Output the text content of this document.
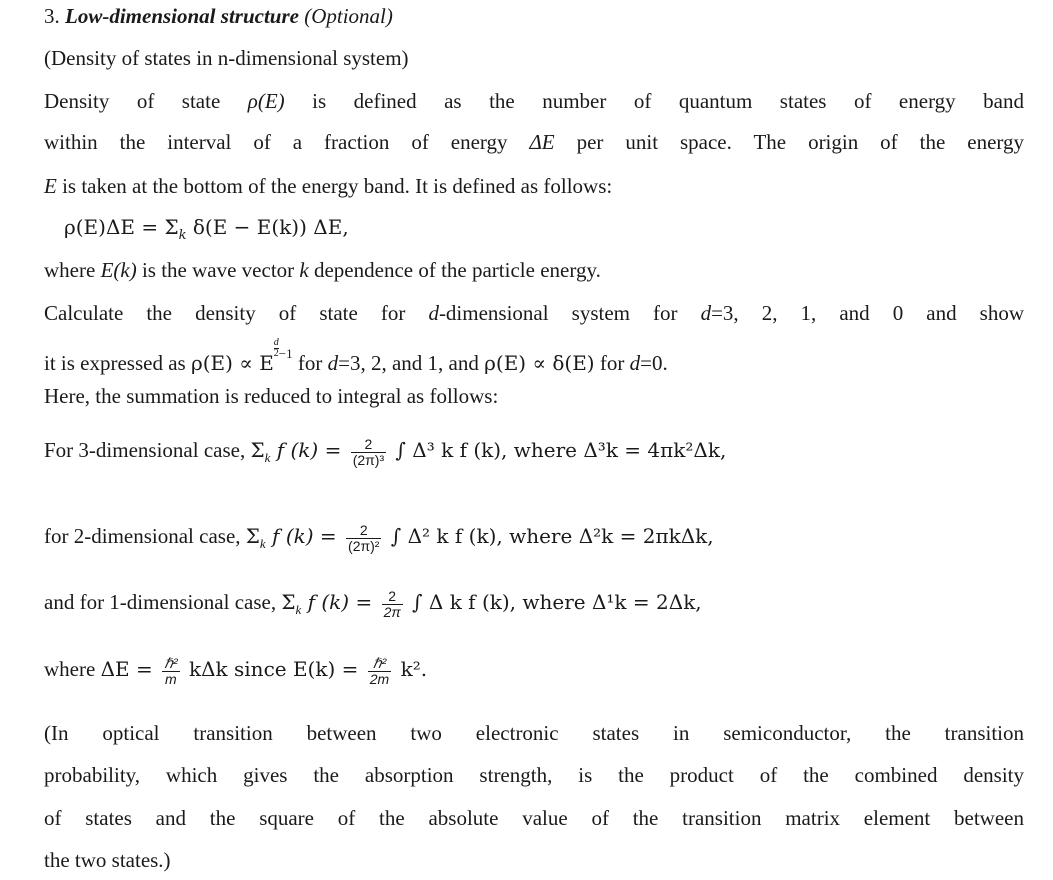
3. Low-dimensional structure (Optional)
(Density of states in n-dimensional system)
Density of state ρ(E) is defined as the number of quantum states of energy band
within the interval of a fraction of energy ΔE per unit space. The origin of the energy
E is taken at the bottom of the energy band. It is defined as follows:
$\rho(E)\Delta E = \Sigma_k$ δ(E − E(k)) ΔE,
where E(k) is the wave vector k dependence of the particle energy.
Calculate the density of state for d-dimensional system for d=3, 2, 1, and 0 and show
it is expressed as ρ(E) ∝ E
$\frac{d}{2} ^{-1}$ for d=3, 2, and 1, and ρ(E) ∝ δ(E) for d=0.
Here, the summation is reduced to integral as follows:
For 3-dimensional case, $\Sigma_k$ f $(k) = \frac{2}{\text{(2π)³}}$ ∫ Δ³ k f (k), where Δ³k = 4πk²Δk,
for 2-dimensional case, $\Sigma_k$ f $(k) = \frac{2}{\text{(2π)²}}$ ∫ Δ² k f (k), where Δ²k = 2πkΔk,
and for 1-dimensional case, $\Sigma_k$ f $(k) = \frac{2}{2\pi}$ ∫ Δ k f (k), where Δ¹k = 2Δk,
where $\Delta E = \frac{\text{ℏ²}}{m}$ kΔk since $E(k) = \frac{\text{ℏ²}}{2m} k^2$.
(In optical transition between two electronic states in semiconductor, the transition
probability, which gives the absorption strength, is the product of the combined density
of states and the square of the absolute value of the transition matrix element between
the two states.)
